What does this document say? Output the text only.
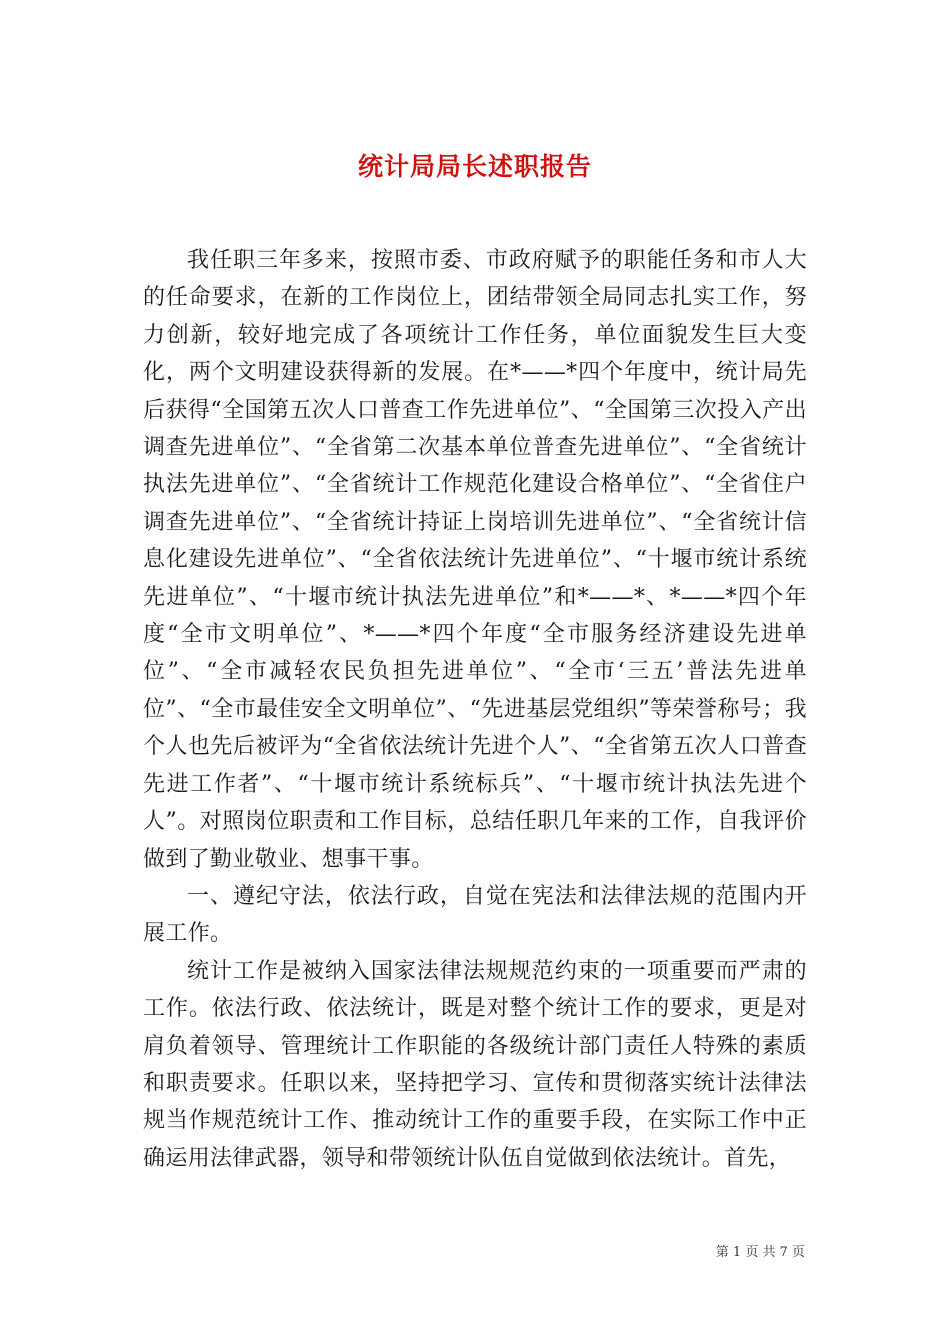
统计局局长述职报告

我任职三年多来，按照市委、市政府赋予的职能任务和市人大的任命要求，在新的工作岗位上，团结带领全局同志扎实工作，努力创新，较好地完成了各项统计工作任务，单位面貌发生巨大变化，两个文明建设获得新的发展。在*——*四个年度中，统计局先后获得“全国第五次人口普查工作先进单位”、“全国第三次投入产出调查先进单位”、“全省第二次基本单位普查先进单位”、“全省统计执法先进单位”、“全省统计工作规范化建设合格单位”、“全省住户调查先进单位”、“全省统计持证上岗培训先进单位”、“全省统计信息化建设先进单位”、“全省依法统计先进单位”、“十堰市统计系统先进单位”、“十堰市统计执法先进单位”和*——*、*——*四个年度“全市文明单位”、*——*四个年度“全市服务经济建设先进单位”、“全市减轻农民负担先进单位”、“全市‘三五’普法先进单位”、“全市最佳安全文明单位”、“先进基层党组织”等荣誉称号；我个人也先后被评为“全省依法统计先进个人”、“全省第五次人口普查先进工作者”、“十堰市统计系统标兵”、“十堰市统计执法先进个人”。对照岗位职责和工作目标，总结任职几年来的工作，自我评价做到了勤业敬业、想事干事。

一、遵纪守法，依法行政，自觉在宪法和法律法规的范围内开展工作。

统计工作是被纳入国家法律法规规范约束的一项重要而严肃的工作。依法行政、依法统计，既是对整个统计工作的要求，更是对肩负着领导、管理统计工作职能的各级统计部门责任人特殊的素质和职责要求。任职以来，坚持把学习、宣传和贯彻落实统计法律法规当作规范统计工作、推动统计工作的重要手段，在实际工作中正确运用法律武器，领导和带领统计队伍自觉做到依法统计。首先，

第 1 页 共 7 页
